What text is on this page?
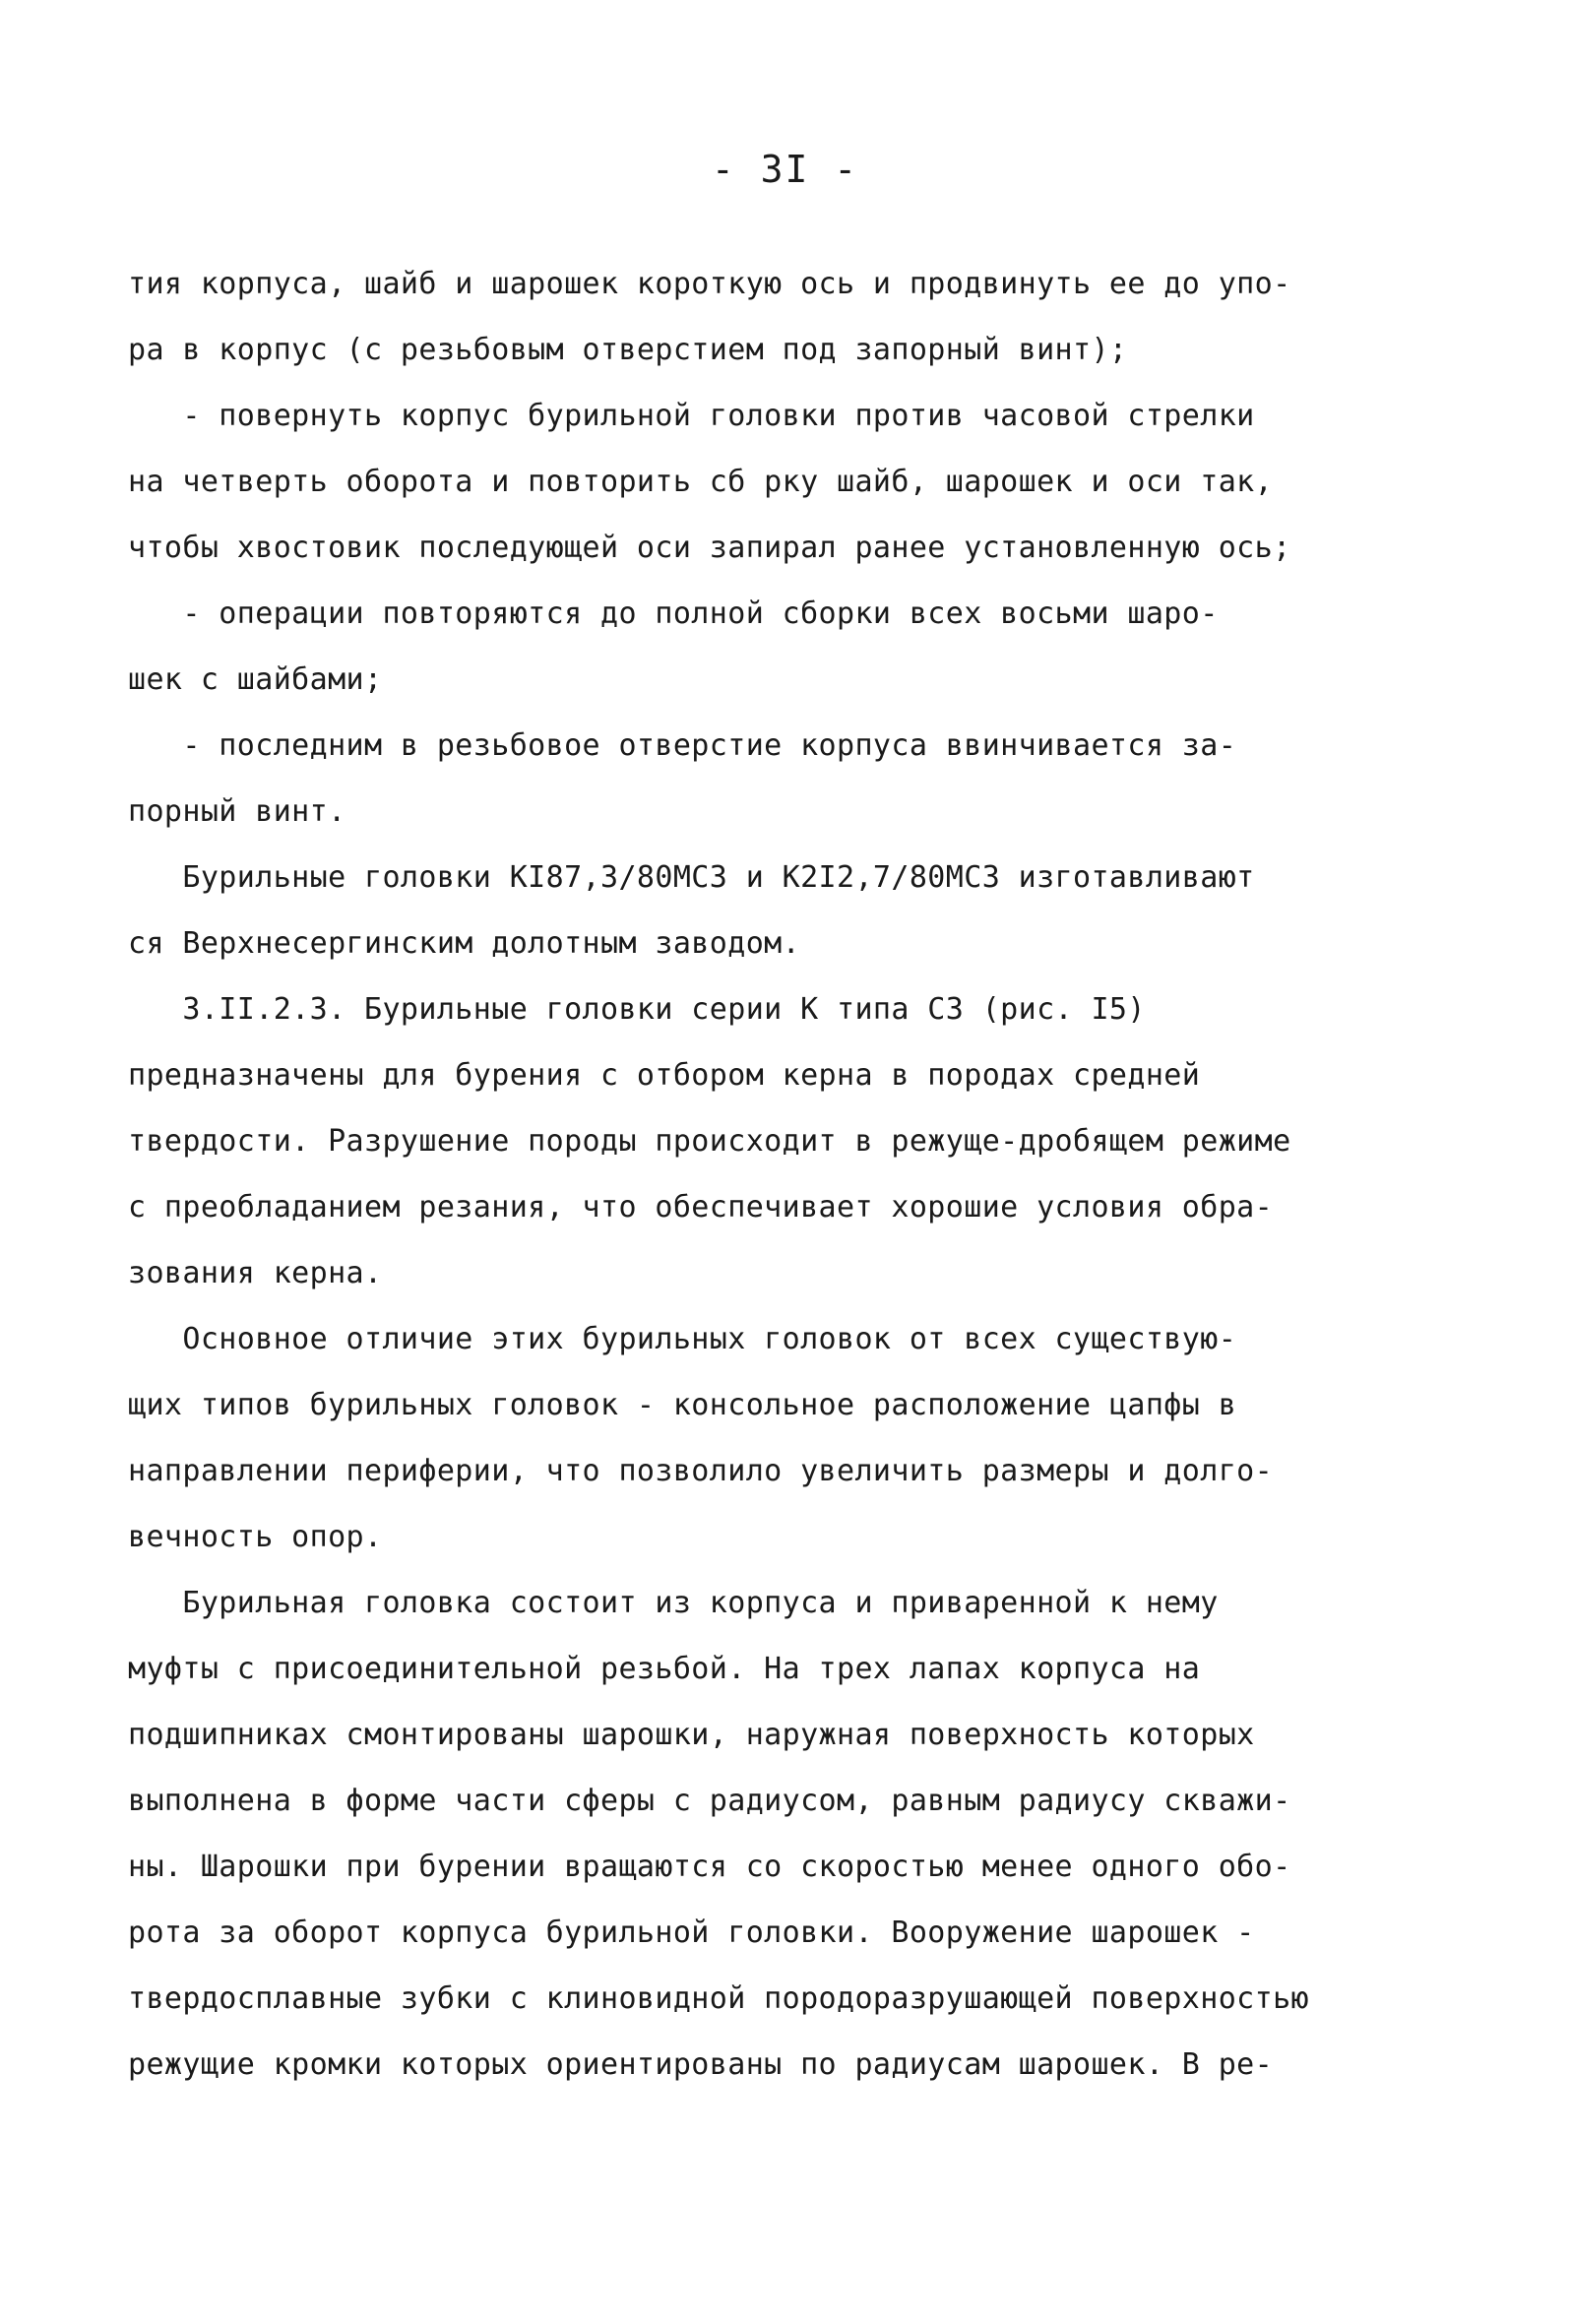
- 3I -
тия корпуса, шайб и шарошек короткую ось и продвинуть ее до упо-
ра в корпус (с резьбовым отверстием под запорный винт);
- повернуть корпус бурильной головки против часовой стрелки
на четверть оборота и повторить сб рку шайб, шарошек и оси так,
чтобы хвостовик последующей оси запирал ранее установленную ось;
- операции повторяются до полной сборки всех восьми шаро-
шек с шайбами;
- последним в резьбовое отверстие корпуса ввинчивается за-
порный винт.
Бурильные головки КI87,3/80МСЗ и К2I2,7/80МСЗ изготавливают
ся Верхнесергинским долотным заводом.
3.II.2.3. Бурильные головки серии К типа СЗ (рис. I5)
предназначены для бурения с отбором керна в породах средней
твердости. Разрушение породы происходит в режуще-дробящем режиме
с преобладанием резания, что обеспечивает хорошие условия обра-
зования керна.
Основное отличие этих бурильных головок от всех существую-
щих типов бурильных головок - консольное расположение цапфы в
направлении периферии, что позволило увеличить размеры и долго-
вечность опор.
Бурильная головка состоит из корпуса и приваренной к нему
муфты с присоединительной резьбой. На трех лапах корпуса на
подшипниках смонтированы шарошки, наружная поверхность которых
выполнена в форме части сферы с радиусом, равным радиусу скважи-
ны. Шарошки при бурении вращаются со скоростью менее одного обо-
рота за оборот корпуса бурильной головки. Вооружение шарошек -
твердосплавные зубки с клиновидной породоразрушающей поверхностью
режущие кромки которых ориентированы по радиусам шарошек. В ре-
